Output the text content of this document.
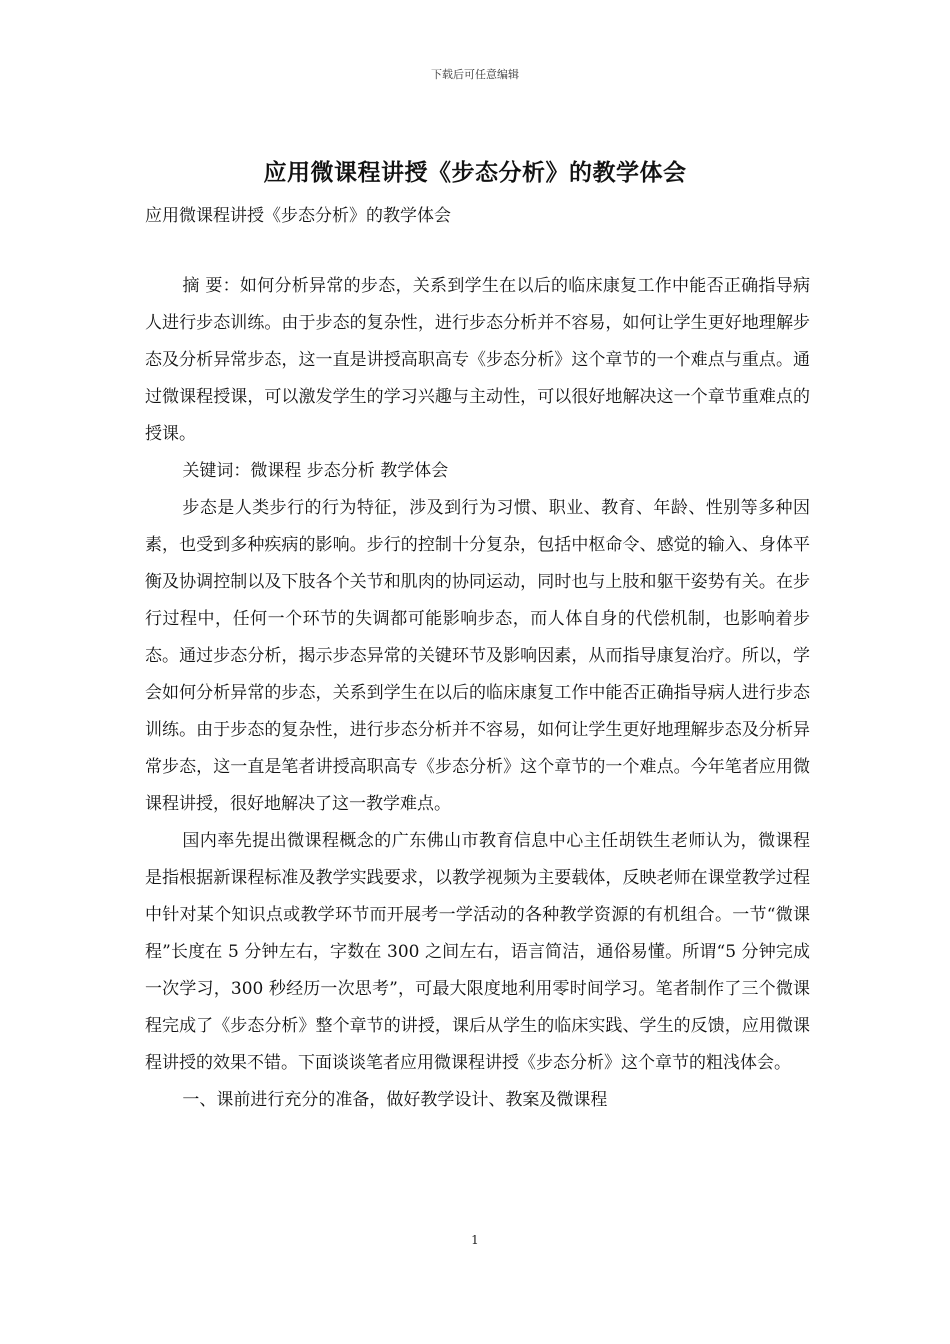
下载后可任意编辑
应用微课程讲授《步态分析》的教学体会
应用微课程讲授《步态分析》的教学体会

摘 要：如何分析异常的步态，关系到学生在以后的临床康复工作中能否正确指导病人进行步态训练。由于步态的复杂性，进行步态分析并不容易，如何让学生更好地理解步态及分析异常步态，这一直是讲授高职高专《步态分析》这个章节的一个难点与重点。通过微课程授课，可以激发学生的学习兴趣与主动性，可以很好地解决这一个章节重难点的授课。

关键词：微课程 步态分析 教学体会

步态是人类步行的行为特征，涉及到行为习惯、职业、教育、年龄、性别等多种因素，也受到多种疾病的影响。步行的控制十分复杂，包括中枢命令、感觉的输入、身体平衡及协调控制以及下肢各个关节和肌肉的协同运动，同时也与上肢和躯干姿势有关。在步行过程中，任何一个环节的失调都可能影响步态，而人体自身的代偿机制，也影响着步态。通过步态分析，揭示步态异常的关键环节及影响因素，从而指导康复治疗。所以，学会如何分析异常的步态，关系到学生在以后的临床康复工作中能否正确指导病人进行步态训练。由于步态的复杂性，进行步态分析并不容易，如何让学生更好地理解步态及分析异常步态，这一直是笔者讲授高职高专《步态分析》这个章节的一个难点。今年笔者应用微课程讲授，很好地解决了这一教学难点。

国内率先提出微课程概念的广东佛山市教育信息中心主任胡铁生老师认为，微课程是指根据新课程标准及教学实践要求，以教学视频为主要载体，反映老师在课堂教学过程中针对某个知识点或教学环节而开展考一学活动的各种教学资源的有机组合。一节“微课程”长度在 5 分钟左右，字数在 300 之间左右，语言简洁，通俗易懂。所谓“5 分钟完成一次学习，300 秒经历一次思考”，可最大限度地利用零时间学习。笔者制作了三个微课程完成了《步态分析》整个章节的讲授，课后从学生的临床实践、学生的反馈，应用微课程讲授的效果不错。下面谈谈笔者应用微课程讲授《步态分析》这个章节的粗浅体会。

一、课前进行充分的准备，做好教学设计、教案及微课程

1
